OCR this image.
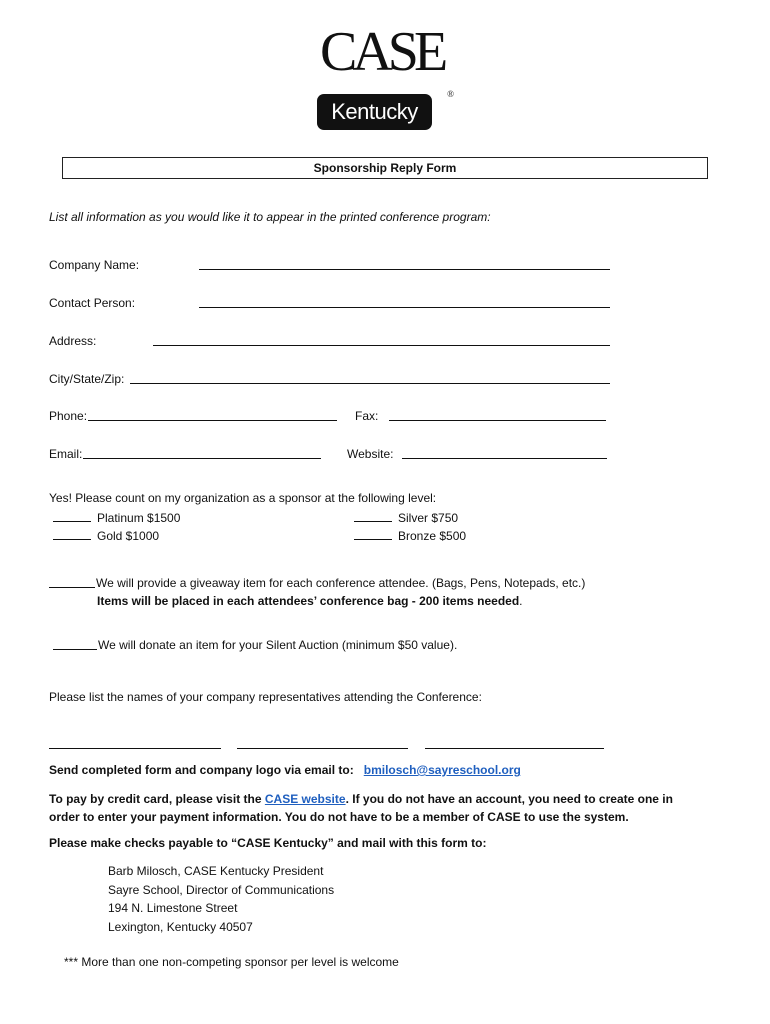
CASE®
Kentucky
Sponsorship Reply Form
List all information as you would like it to appear in the printed conference program:
Company Name:
Contact Person:
Address:
City/State/Zip:
Phone:	Fax:
Email:	Website:
Yes! Please count on my organization as a sponsor at the following level:
Platinum $1500	Silver $750
Gold $1000	Bronze $500
We will provide a giveaway item for each conference attendee. (Bags, Pens, Notepads, etc.)
Items will be placed in each attendees’ conference bag - 200 items needed.
We will donate an item for your Silent Auction (minimum $50 value).
Please list the names of your company representatives attending the Conference:
Send completed form and company logo via email to: bmilosch@sayreschool.org
To pay by credit card, please visit the CASE website. If you do not have an account, you need to create one in
order to enter your payment information. You do not have to be a member of CASE to use the system.
Please make checks payable to “CASE Kentucky” and mail with this form to:
Barb Milosch, CASE Kentucky President
Sayre School, Director of Communications
194 N. Limestone Street
Lexington, Kentucky 40507
*** More than one non-competing sponsor per level is welcome
